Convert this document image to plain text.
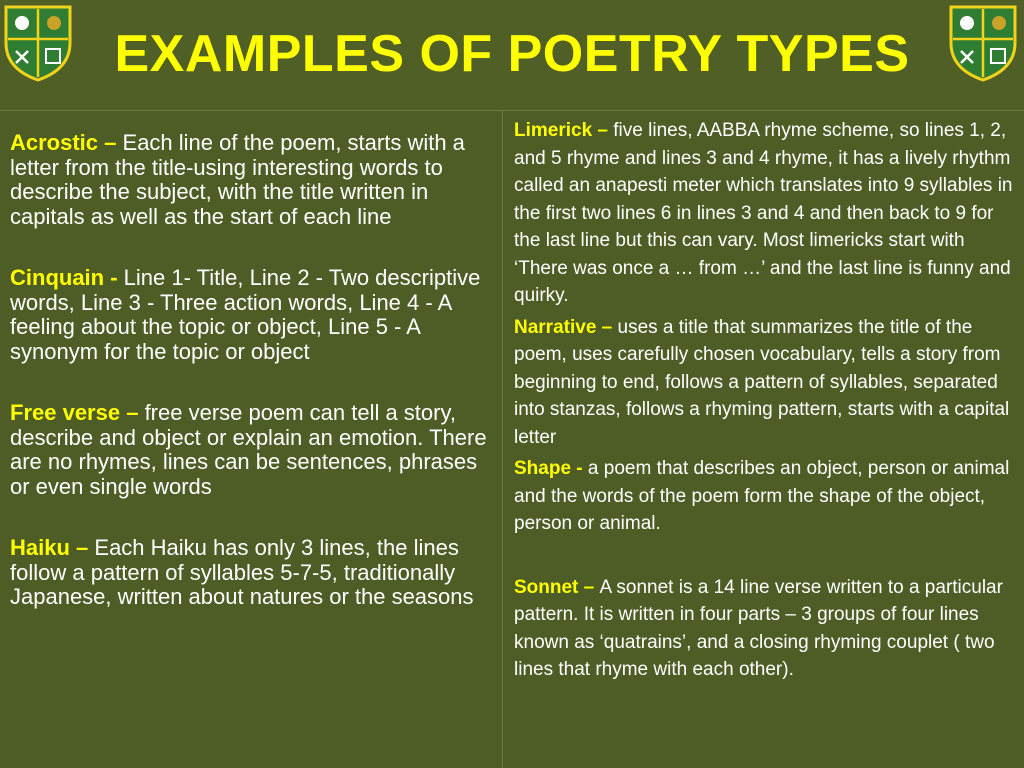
EXAMPLES OF POETRY TYPES
Acrostic – Each line of the poem, starts with a letter from the title-using interesting words to describe the subject, with the title written in capitals as well as the start of each line
Cinquain - Line 1- Title, Line 2 - Two descriptive words, Line 3 - Three action words, Line 4 - A feeling about the topic or object, Line 5 - A synonym for the topic or object
Free verse – free verse poem can tell a story, describe and object or explain an emotion. There are no rhymes, lines can be sentences, phrases or even single words
Haiku – Each Haiku has only 3 lines, the lines follow a pattern of syllables 5-7-5, traditionally Japanese, written about natures or the seasons
Limerick – five lines, AABBA rhyme scheme, so lines 1, 2, and 5 rhyme and lines 3 and 4 rhyme, it has a lively rhythm called an anapesti meter which translates into 9 syllables in the first two lines 6 in lines 3 and 4 and then back to 9 for the last line but this can vary. Most limericks start with ‘There was once a … from …’ and the last line is funny and quirky.
Narrative – uses a title that summarizes the title of the poem, uses carefully chosen vocabulary, tells a story from beginning to end, follows a pattern of syllables, separated into stanzas, follows a rhyming pattern, starts with a capital letter
Shape - a poem that describes an object, person or animal and the words of the poem form the shape of the object, person or animal.
Sonnet – A sonnet is a 14 line verse written to a particular pattern. It is written in four parts – 3 groups of four lines known as ‘quatrains’, and a closing rhyming couplet ( two lines that rhyme with each other).
